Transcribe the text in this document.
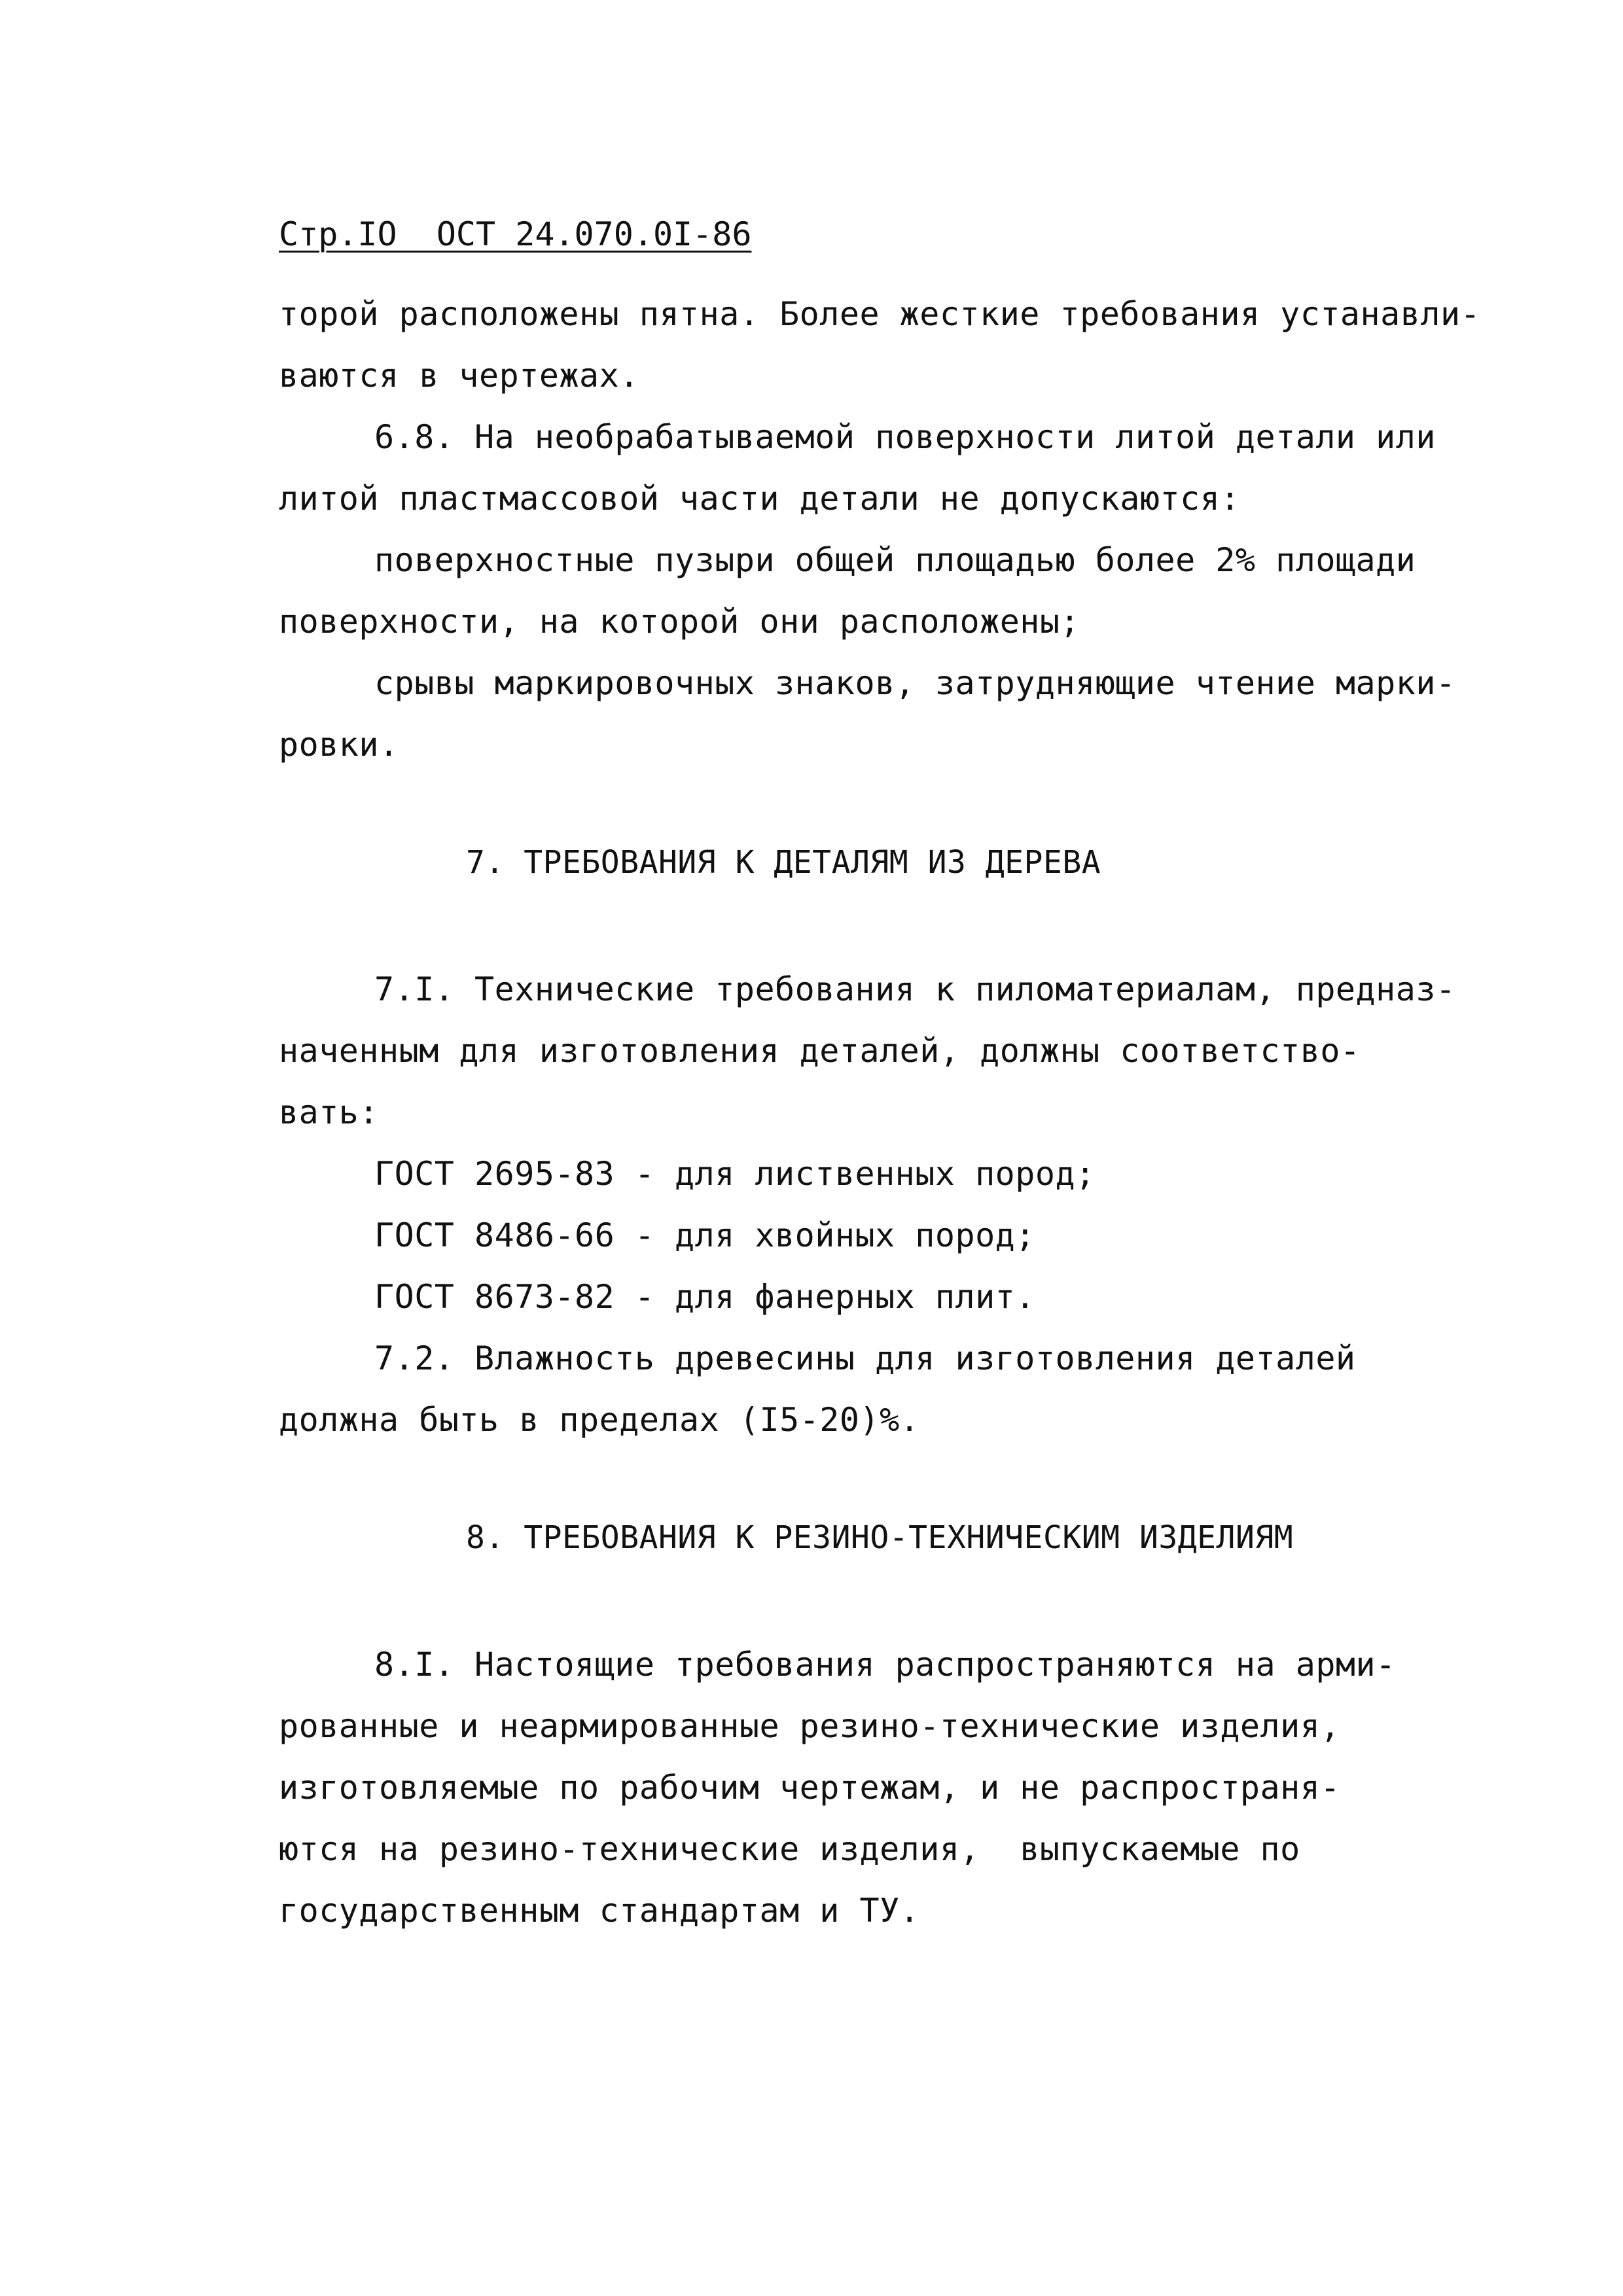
Стр.IO  ОСТ 24.070.0I-86
торой расположены пятна. Более жесткие требования устанавли-
ваются в чертежах.
6.8. На необрабатываемой поверхности литой детали или
литой пластмассовой части детали не допускаются:
поверхностные пузыри общей площадью более 2% площади
поверхности, на которой они расположены;
срывы маркировочных знаков, затрудняющие чтение марки-
ровки.
7. ТРЕБОВАНИЯ К ДЕТАЛЯМ ИЗ ДЕРЕВА
7.I. Технические требования к пиломатериалам, предназ-
наченным для изготовления деталей, должны соответство-
вать:
ГОСТ 2695-83 - для лиственных пород;
ГОСТ 8486-66 - для хвойных пород;
ГОСТ 8673-82 - для фанерных плит.
7.2. Влажность древесины для изготовления деталей
должна быть в пределах (I5-20)%.
8. ТРЕБОВАНИЯ К РЕЗИНО-ТЕХНИЧЕСКИМ ИЗДЕЛИЯМ
8.I. Настоящие требования распространяются на арми-
рованные и неармированные резино-технические изделия,
изготовляемые по рабочим чертежам, и не распространя-
ются на резино-технические изделия,  выпускаемые по
государственным стандартам и ТУ.
